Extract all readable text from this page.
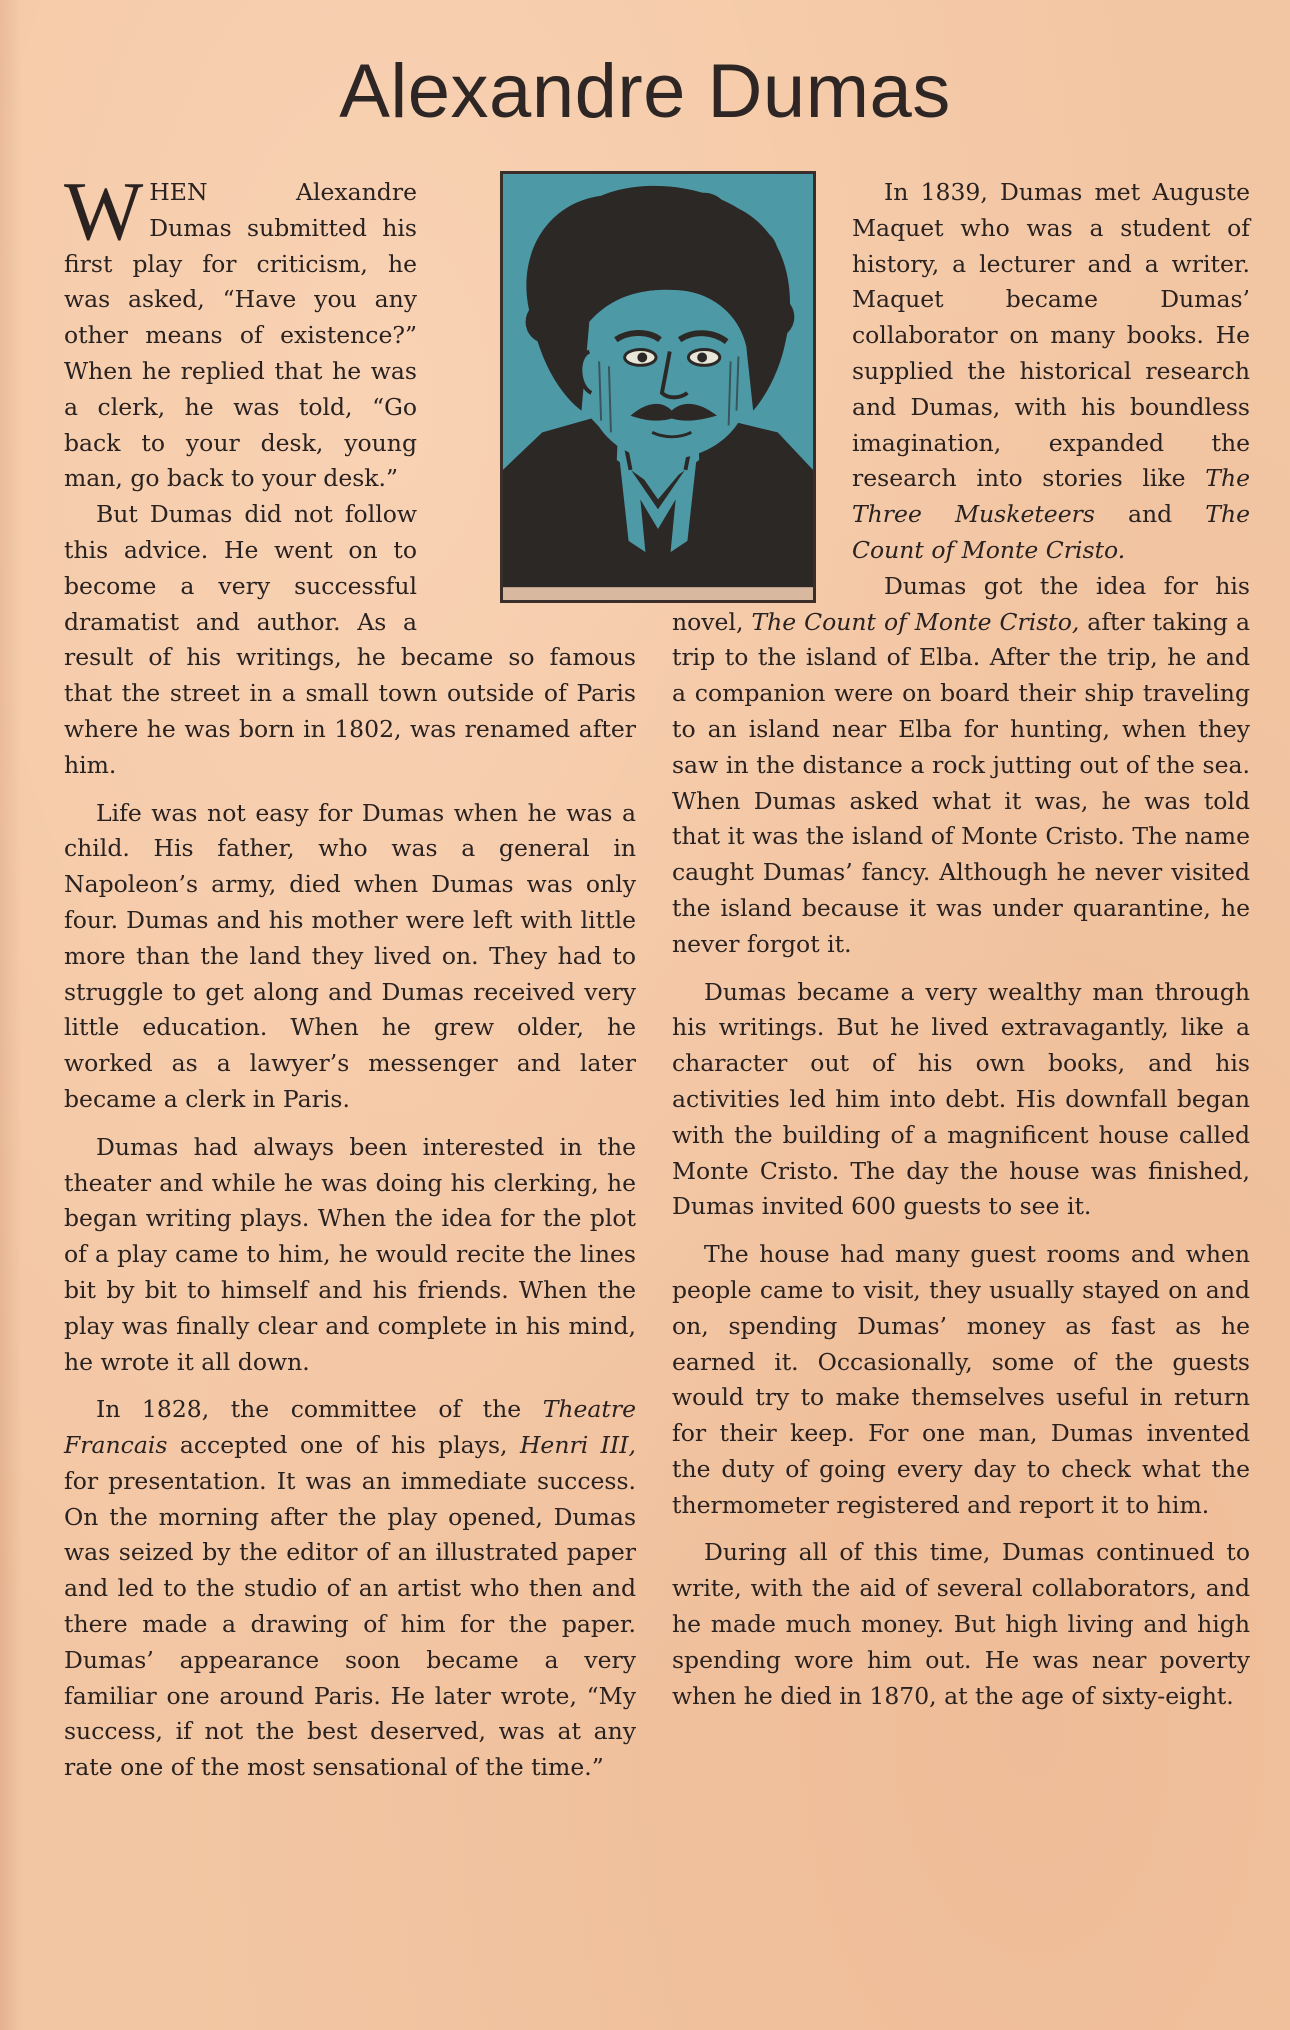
Alexandre Dumas

WHEN Alexandre Dumas submitted his first play for criticism, he was asked, “Have you any other means of existence?” When he replied that he was a clerk, he was told, “Go back to your desk, young man, go back to your desk.”

But Dumas did not follow this advice. He went on to become a very successful dramatist and author. As a result of his writings, he became so famous that the street in a small town outside of Paris where he was born in 1802, was renamed after him.

Life was not easy for Dumas when he was a child. His father, who was a general in Napoleon’s army, died when Dumas was only four. Dumas and his mother were left with little more than the land they lived on. They had to struggle to get along and Dumas received very little education. When he grew older, he worked as a lawyer’s messenger and later became a clerk in Paris.

Dumas had always been interested in the theater and while he was doing his clerking, he began writing plays. When the idea for the plot of a play came to him, he would recite the lines bit by bit to himself and his friends. When the play was finally clear and complete in his mind, he wrote it all down.

In 1828, the committee of the Theatre Francais accepted one of his plays, Henri III, for presentation. It was an immediate success. On the morning after the play opened, Dumas was seized by the editor of an illustrated paper and led to the studio of an artist who then and there made a drawing of him for the paper. Dumas’ appearance soon became a very familiar one around Paris. He later wrote, “My success, if not the best deserved, was at any rate one of the most sensational of the time.”

In 1839, Dumas met Auguste Maquet who was a student of history, a lecturer and a writer. Maquet became Dumas’ collaborator on many books. He supplied the historical research and Dumas, with his boundless imagination, expanded the research into stories like The Three Musketeers and The Count of Monte Cristo.

Dumas got the idea for his novel, The Count of Monte Cristo, after taking a trip to the island of Elba. After the trip, he and a companion were on board their ship traveling to an island near Elba for hunting, when they saw in the distance a rock jutting out of the sea. When Dumas asked what it was, he was told that it was the island of Monte Cristo. The name caught Dumas’ fancy. Although he never visited the island because it was under quarantine, he never forgot it.

Dumas became a very wealthy man through his writings. But he lived extravagantly, like a character out of his own books, and his activities led him into debt. His downfall began with the building of a magnificent house called Monte Cristo. The day the house was finished, Dumas invited 600 guests to see it.

The house had many guest rooms and when people came to visit, they usually stayed on and on, spending Dumas’ money as fast as he earned it. Occasionally, some of the guests would try to make themselves useful in return for their keep. For one man, Dumas invented the duty of going every day to check what the thermometer registered and report it to him.

During all of this time, Dumas continued to write, with the aid of several collaborators, and he made much money. But high living and high spending wore him out. He was near poverty when he died in 1870, at the age of sixty-eight.
